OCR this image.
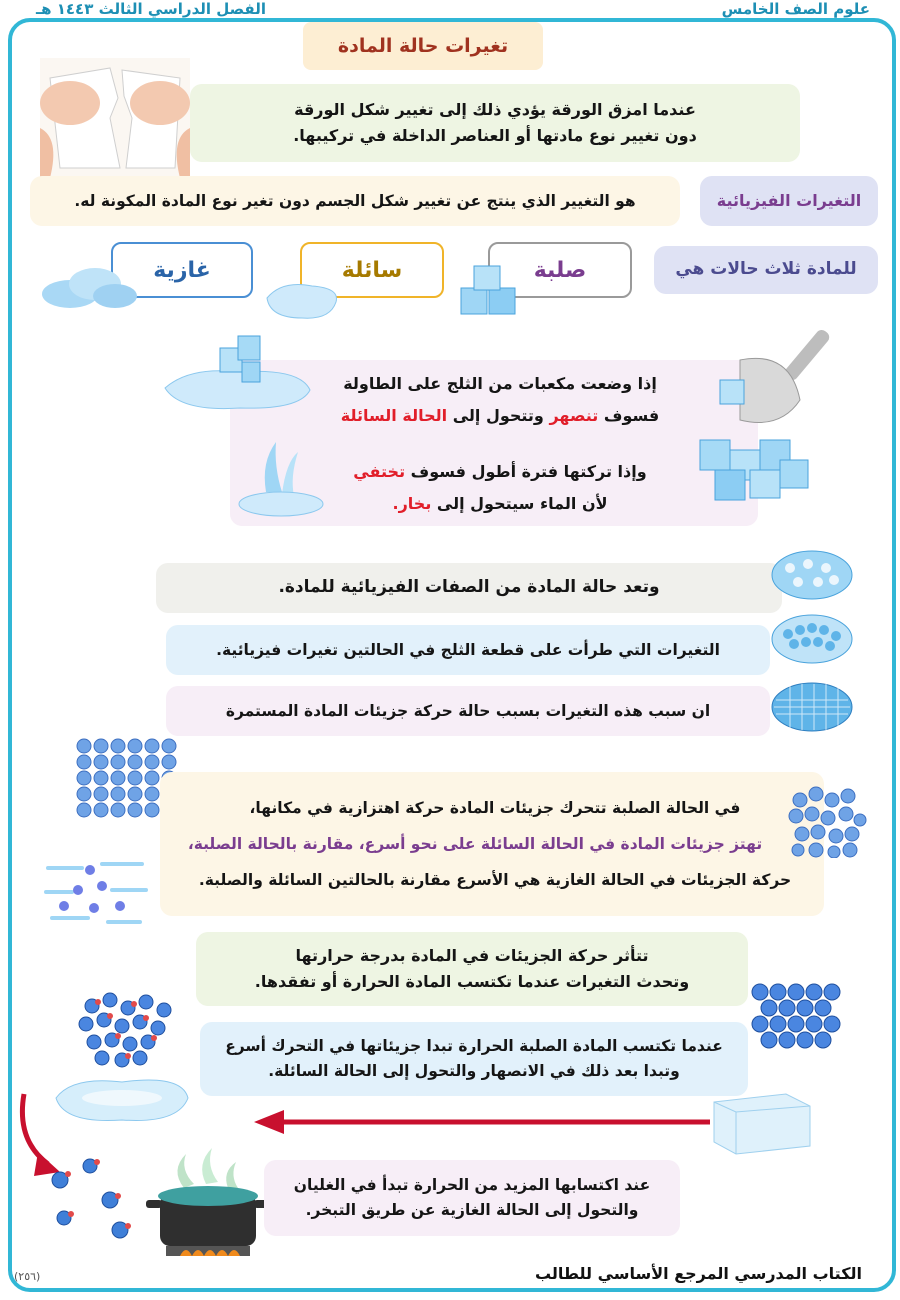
علوم الصف الخامس
الفصل الدراسي الثالث ١٤٤٣ هـ
تغيرات حالة المادة
عندما امزق الورقة يؤدي ذلك إلى تغيير شكل الورقة
دون تغيير نوع مادتها أو العناصر الداخلة في تركيبها.
هو التغيير الذي ينتج عن تغيير شكل الجسم دون تغير نوع المادة المكونة له.	التغيرات الفيزيائية
للمادة ثلاث حالات هي
صلبة
سائلة
غازية
إذا وضعت مكعبات من الثلج على الطاولة
فسوف تنصهر وتتحول إلى الحالة السائلة
وإذا تركتها فترة أطول فسوف تختفي
لأن الماء سيتحول إلى بخار.
وتعد حالة المادة من الصفات الفيزيائية للمادة.
التغيرات التي طرأت على قطعة الثلج في الحالتين تغيرات فيزيائية.
ان سبب هذه التغيرات بسبب حالة حركة جزيئات المادة المستمرة
في الحالة الصلبة تتحرك جزيئات المادة حركة اهتزازية في مكانها،
تهتز جزيئات المادة في الحالة السائلة على نحو أسرع، مقارنة بالحالة الصلبة،
حركة الجزيئات في الحالة الغازية هي الأسرع مقارنة بالحالتين السائلة والصلبة.
تتأثر حركة الجزيئات في المادة بدرجة حرارتها
وتحدث التغيرات عندما تكتسب المادة الحرارة أو تفقدها.
عندما تكتسب المادة الصلبة الحرارة تبدا جزيئاتها في التحرك أسرع
وتبدا بعد ذلك في الانصهار والتحول إلى الحالة السائلة.
عند اكتسابها المزيد من الحرارة تبدأ في الغليان
والتحول إلى الحالة الغازية عن طريق التبخر.
الكتاب المدرسي المرجع الأساسي للطالب
(٢٥٦)
